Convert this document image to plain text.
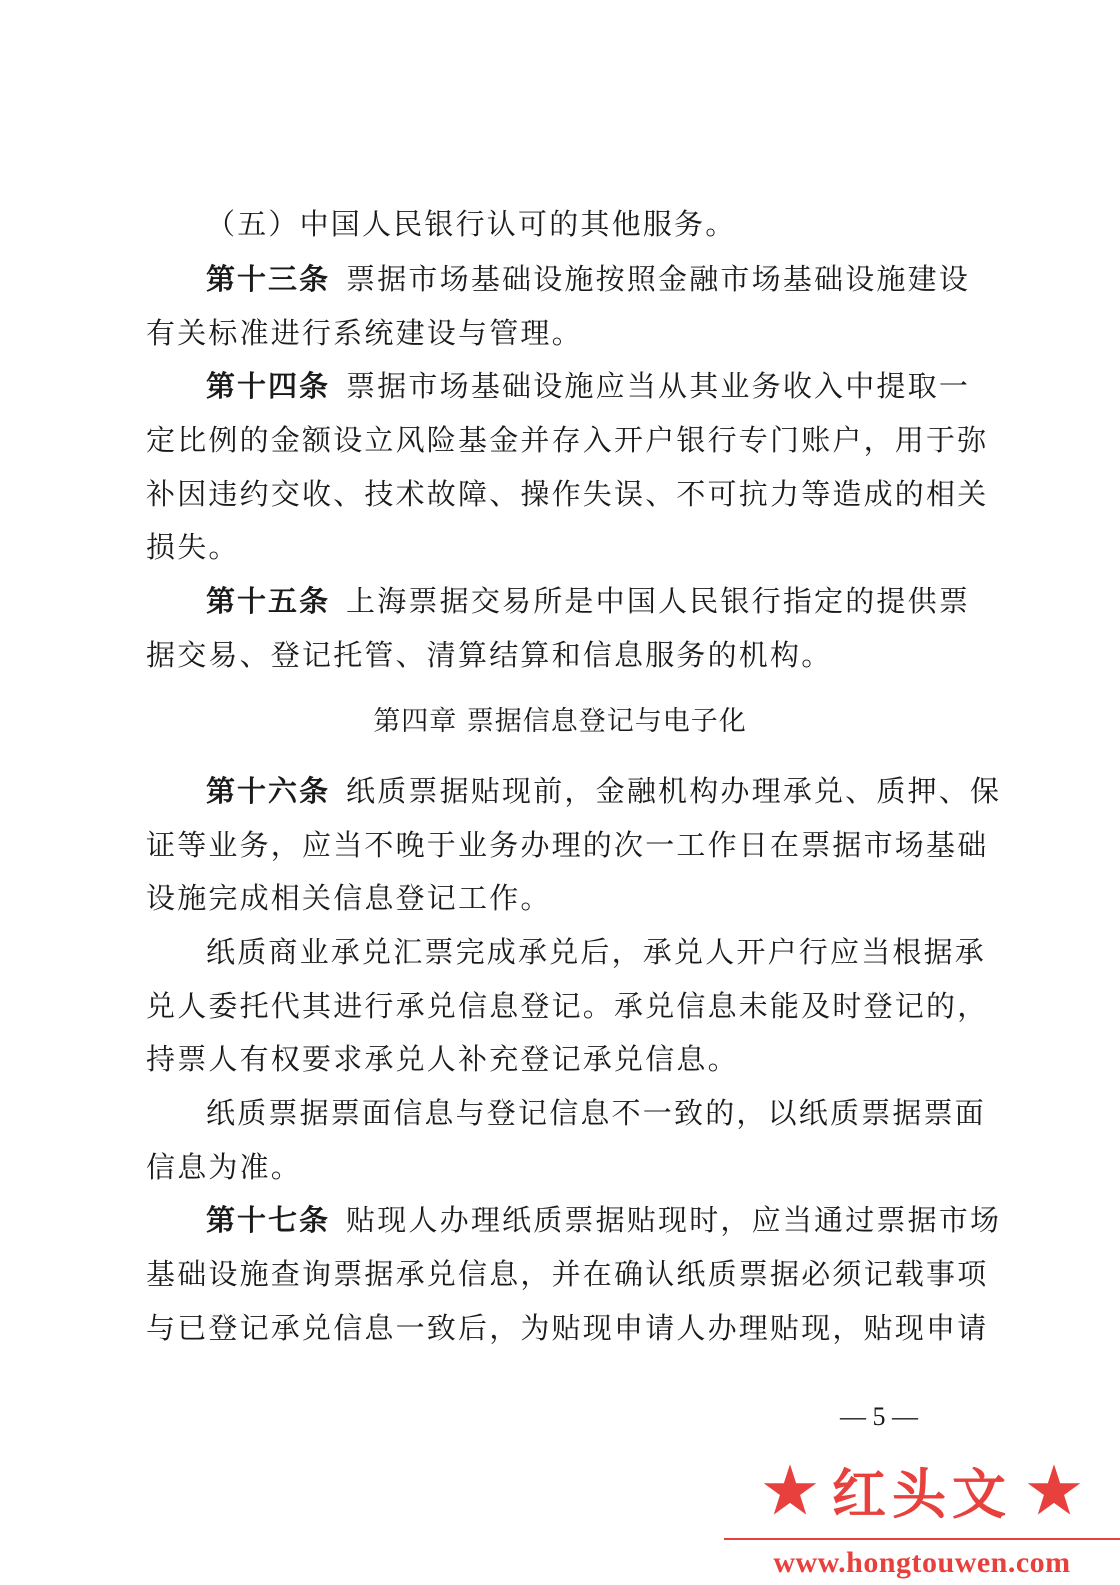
（五）中国人民银行认可的其他服务。
第十三条 票据市场基础设施按照金融市场基础设施建设
有关标准进行系统建设与管理。
第十四条 票据市场基础设施应当从其业务收入中提取一
定比例的金额设立风险基金并存入开户银行专门账户，用于弥
补因违约交收、技术故障、操作失误、不可抗力等造成的相关
损失。
第十五条 上海票据交易所是中国人民银行指定的提供票
据交易、登记托管、清算结算和信息服务的机构。
第四章 票据信息登记与电子化
第十六条 纸质票据贴现前，金融机构办理承兑、质押、保
证等业务，应当不晚于业务办理的次一工作日在票据市场基础
设施完成相关信息登记工作。
纸质商业承兑汇票完成承兑后，承兑人开户行应当根据承
兑人委托代其进行承兑信息登记。承兑信息未能及时登记的，
持票人有权要求承兑人补充登记承兑信息。
纸质票据票面信息与登记信息不一致的，以纸质票据票面
信息为准。
第十七条 贴现人办理纸质票据贴现时，应当通过票据市场
基础设施查询票据承兑信息，并在确认纸质票据必须记载事项
与已登记承兑信息一致后，为贴现申请人办理贴现，贴现申请
— 5 —
红头文
www.hongtouwen.com
